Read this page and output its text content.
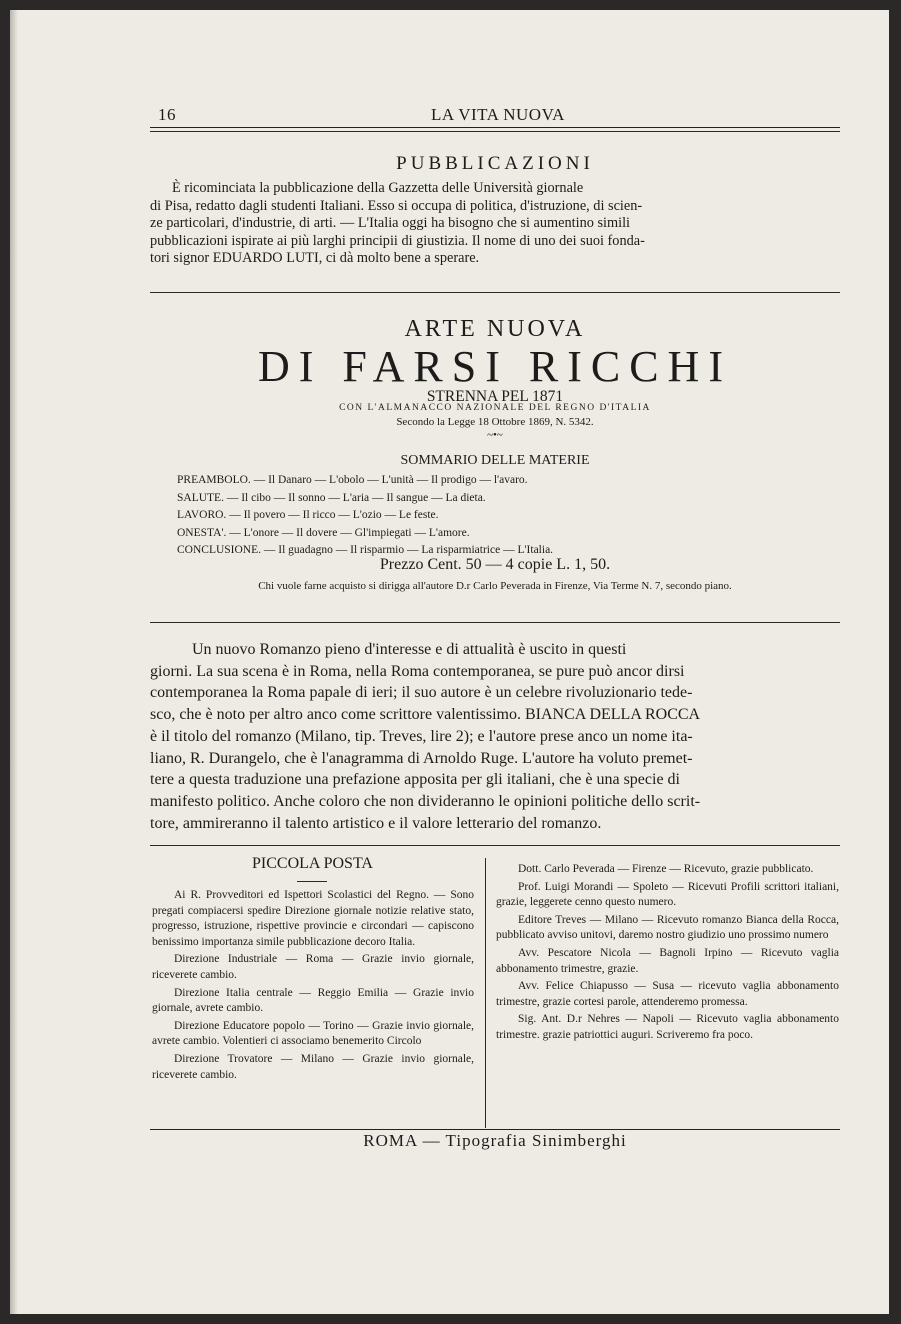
16	LA VITA NUOVA
PUBBLICAZIONI
È ricominciata la pubblicazione della Gazzetta delle Università giornale
di Pisa, redatto dagli studenti Italiani. Esso si occupa di politica, d'istruzione, di scien-
ze particolari, d'industrie, di arti. — L'Italia oggi ha bisogno che si aumentino simili
pubblicazioni ispirate ai più larghi principii di giustizia. Il nome di uno dei suoi fonda-
tori signor EDUARDO LUTI, ci dà molto bene a sperare.
ARTE NUOVA
DI FARSI RICCHI
STRENNA PEL 1871
CON L'ALMANACCO NAZIONALE DEL REGNO D'ITALIA
Secondo la Legge 18 Ottobre 1869, N. 5342.
~•~
SOMMARIO DELLE MATERIE
PREAMBOLO. — Il Danaro — L'obolo — L'unità — Il prodigo — l'avaro.
SALUTE. — Il cibo — Il sonno — L'aria — Il sangue — La dieta.
LAVORO. — Il povero — Il ricco — L'ozio — Le feste.
ONESTA'. — L'onore — Il dovere — Gl'impiegati — L'amore.
CONCLUSIONE. — Il guadagno — Il risparmio — La risparmiatrice — L'Italia.
Prezzo Cent. 50 — 4 copie L. 1, 50.
Chi vuole farne acquisto si dirigga all'autore D.r Carlo Peverada in Firenze, Via Terme N. 7, secondo piano.
Un nuovo Romanzo pieno d'interesse e di attualità è uscito in questi
giorni. La sua scena è in Roma, nella Roma contemporanea, se pure può ancor dirsi
contemporanea la Roma papale di ieri; il suo autore è un celebre rivoluzionario tede-
sco, che è noto per altro anco come scrittore valentissimo. BIANCA DELLA ROCCA
è il titolo del romanzo (Milano, tip. Treves, lire 2); e l'autore prese anco un nome ita-
liano, R. Durangelo, che è l'anagramma di Arnoldo Ruge. L'autore ha voluto premet-
tere a questa traduzione una prefazione apposita per gli italiani, che è una specie di
manifesto politico. Anche coloro che non divideranno le opinioni politiche dello scrit-
tore, ammireranno il talento artistico e il valore letterario del romanzo.
PICCOLA POSTA

Ai R. Provveditori ed Ispettori Scolastici del Regno. — Sono pregati compiacersi spedire Direzione giornale notizie relative stato, progresso, istruzione, rispettive provincie e circondari — capiscono benissimo importanza simile pubblicazione decoro Italia.

Direzione Industriale — Roma — Grazie invio giornale, riceverete cambio.

Direzione Italia centrale — Reggio Emilia — Grazie invio giornale, avrete cambio.

Direzione Educatore popolo — Torino — Grazie invio giornale, avrete cambio. Volentieri ci associamo benemerito Circolo

Direzione Trovatore — Milano — Grazie invio giornale, riceverete cambio.

Dott. Carlo Peverada — Firenze — Ricevuto, grazie pubblicato.

Prof. Luigi Morandi — Spoleto — Ricevuti Profili scrittori italiani, grazie, leggerete cenno questo numero.

Editore Treves — Milano — Ricevuto romanzo Bianca della Rocca, pubblicato avviso unitovi, daremo nostro giudizio uno prossimo numero

Avv. Pescatore Nicola — Bagnoli Irpino — Ricevuto vaglia abbonamento trimestre, grazie.

Avv. Felice Chiapusso — Susa — ricevuto vaglia abbonamento trimestre, grazie cortesi parole, attenderemo promessa.

Sig. Ant. D.r Nehres — Napoli — Ricevuto vaglia abbonamento trimestre. grazie patriottici auguri. Scriveremo fra poco.

ROMA — Tipografia Sinimberghi
